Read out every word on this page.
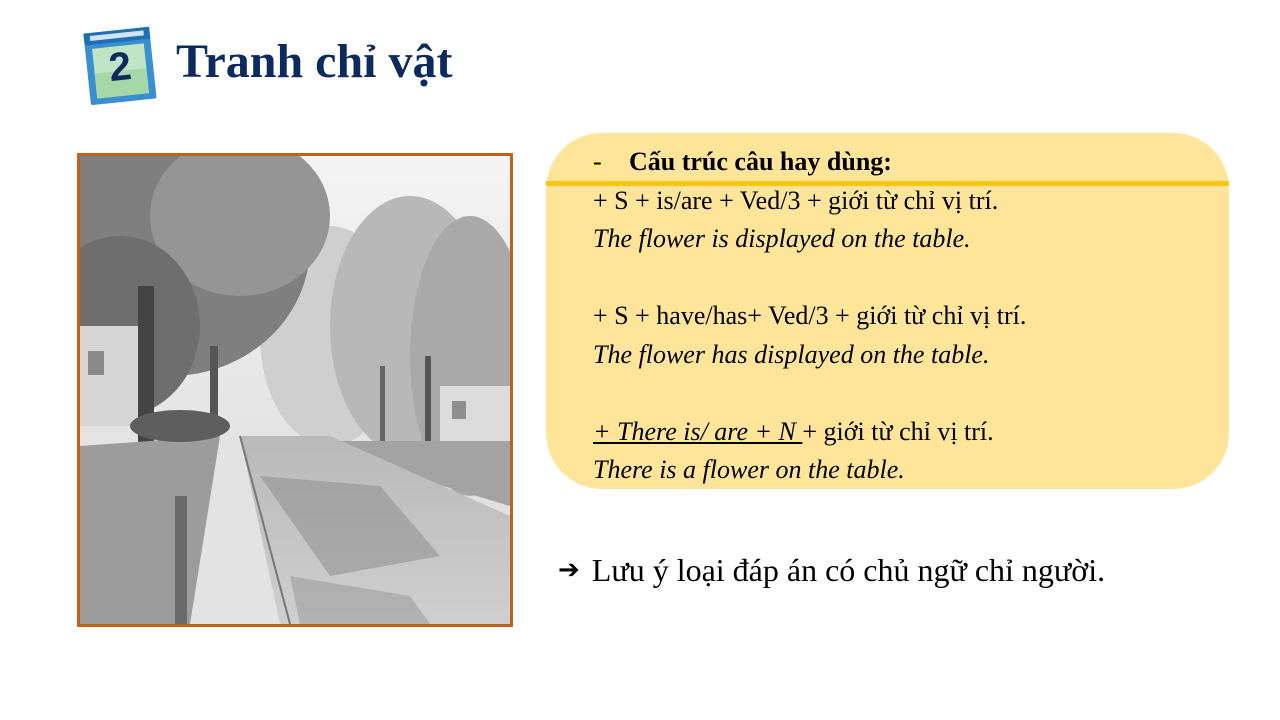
2 Tranh chỉ vật
- Cấu trúc câu hay dùng:
+ S + is/are + Ved/3 + giới từ chỉ vị trí.
The flower is displayed on the table.
+ S + have/has+ Ved/3 + giới từ chỉ vị trí.
The flower has displayed on the table.
+ There is/ are + N + giới từ chỉ vị trí.
There is a flower on the table.
➔ Lưu ý loại đáp án có chủ ngữ chỉ người.
